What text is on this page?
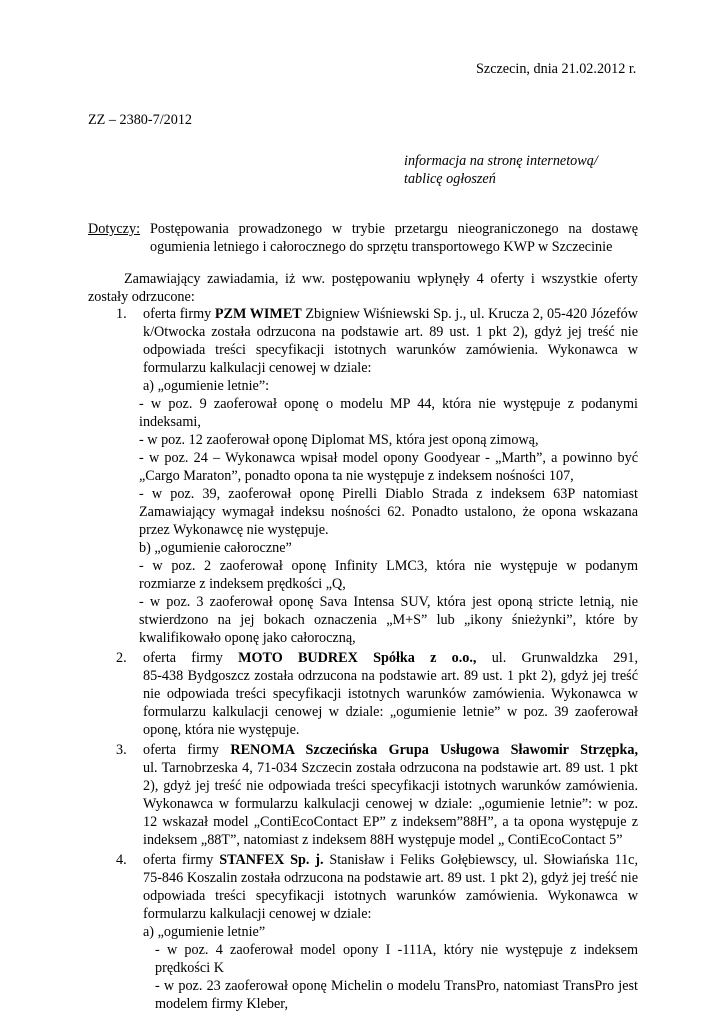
Szczecin, dnia 21.02.2012 r.
ZZ – 2380-7/2012
informacja na stronę internetową/
tablicę ogłoszeń
Dotyczy: Postępowania prowadzonego w trybie przetargu nieograniczonego na dostawę
ogumienia letniego i całorocznego do sprzętu transportowego KWP w Szczecinie
Zamawiający zawiadamia, iż ww. postępowaniu wpłynęły 4 oferty i wszystkie oferty
zostały odrzucone:
1. oferta firmy PZM WIMET Zbigniew Wiśniewski Sp. j., ul. Krucza 2, 05-420 Józefów
k/Otwocka została odrzucona na podstawie art. 89 ust. 1 pkt 2), gdyż jej treść nie
odpowiada treści specyfikacji istotnych warunków zamówienia. Wykonawca w
formularzu kalkulacji cenowej w dziale:
a) „ogumienie letnie”:
- w poz. 9 zaoferował oponę o modelu MP 44, która nie występuje z podanymi
indeksami,
- w poz. 12 zaoferował oponę Diplomat MS, która jest oponą zimową,
- w poz. 24 – Wykonawca wpisał model opony Goodyear - „Marth”, a powinno być
„Cargo Maraton”, ponadto opona ta nie występuje z indeksem nośności 107,
- w poz. 39, zaoferował oponę Pirelli Diablo Strada z indeksem 63P natomiast
Zamawiający wymagał indeksu nośności 62. Ponadto ustalono, że opona wskazana
przez Wykonawcę nie występuje.
b) „ogumienie całoroczne”
- w poz. 2 zaoferował oponę Infinity LMC3, która nie występuje w podanym
rozmiarze z indeksem prędkości „Q,
- w poz. 3 zaoferował oponę Sava Intensa SUV, która jest oponą stricte letnią, nie
stwierdzono na jej bokach oznaczenia „M+S” lub „ikony śnieżynki”, które by
kwalifikowało oponę jako całoroczną,
2. oferta firmy MOTO BUDREX Spółka z o.o., ul. Grunwaldzka 291,
85-438 Bydgoszcz została odrzucona na podstawie art. 89 ust. 1 pkt 2), gdyż jej treść
nie odpowiada treści specyfikacji istotnych warunków zamówienia. Wykonawca w
formularzu kalkulacji cenowej w dziale: „ogumienie letnie” w poz. 39 zaoferował
oponę, która nie występuje.
3. oferta firmy RENOMA Szczecińska Grupa Usługowa Sławomir Strzępka,
ul. Tarnobrzeska 4, 71-034 Szczecin została odrzucona na podstawie art. 89 ust. 1 pkt
2), gdyż jej treść nie odpowiada treści specyfikacji istotnych warunków zamówienia.
Wykonawca w formularzu kalkulacji cenowej w dziale: „ogumienie letnie”: w poz.
12 wskazał model „ContiEcoContact EP” z indeksem”88H”, a ta opona występuje z
indeksem „88T”, natomiast z indeksem 88H występuje model „ ContiEcoContact 5”
4. oferta firmy STANFEX Sp. j. Stanisław i Feliks Gołębiewscy, ul. Słowiańska 11c,
75-846 Koszalin została odrzucona na podstawie art. 89 ust. 1 pkt 2), gdyż jej treść nie
odpowiada treści specyfikacji istotnych warunków zamówienia. Wykonawca w
formularzu kalkulacji cenowej w dziale:
a) „ogumienie letnie”
- w poz. 4 zaoferował model opony I -111A, który nie występuje z indeksem
prędkości K
- w poz. 23 zaoferował oponę Michelin o modelu TransPro, natomiast TransPro jest
modelem firmy Kleber,
